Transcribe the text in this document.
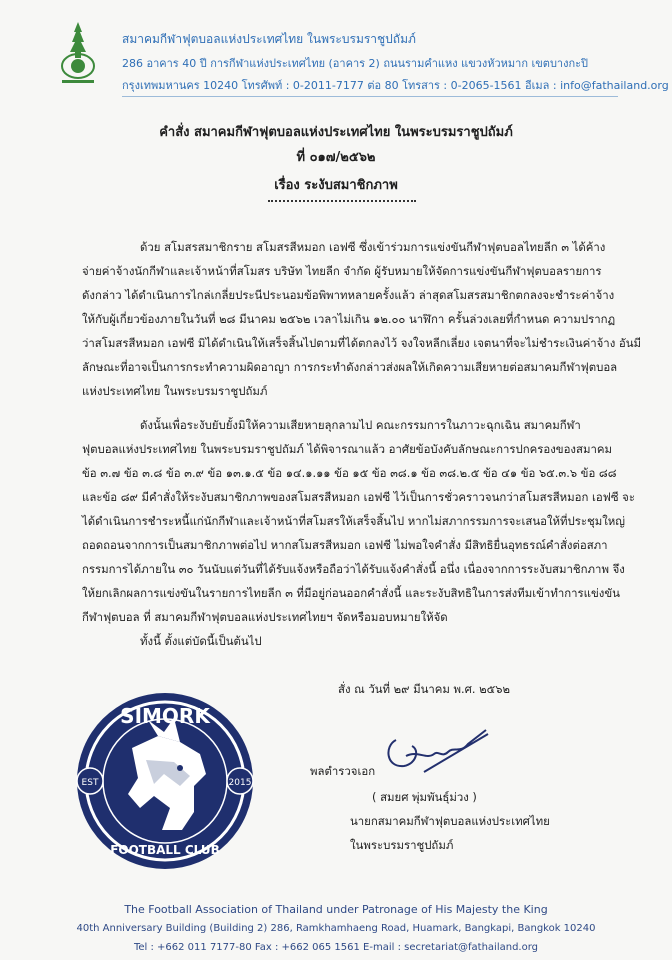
สมาคมกีฬาฟุตบอลแห่งประเทศไทย ในพระบรมราชูปถัมภ์
286 อาคาร 40 ปี การกีฬาแห่งประเทศไทย (อาคาร 2) ถนนรามคำแหง แขวงหัวหมาก เขตบางกะปิ
กรุงเทพมหานคร 10240 โทรศัพท์ : 0-2011-7177 ต่อ 80 โทรสาร : 0-2065-1561 อีเมล : info@fathailand.org
คำสั่ง สมาคมกีฬาฟุตบอลแห่งประเทศไทย ในพระบรมราชูปถัมภ์
ที่ ๐๑๗/๒๕๖๒
เรื่อง ระงับสมาชิกภาพ
ด้วย สโมสรสมาชิกราย สโมสรสีหมอก เอฟซี ซึ่งเข้าร่วมการแข่งขันกีฬาฟุตบอลไทยลีก ๓ ได้ค้าง
จ่ายค่าจ้างนักกีฬาและเจ้าหน้าที่สโมสร บริษัท ไทยลีก จำกัด ผู้รับหมายให้จัดการแข่งขันกีฬาฟุตบอลรายการ
ดังกล่าว ได้ดำเนินการไกล่เกลี่ยประนีประนอมข้อพิพาทหลายครั้งแล้ว ล่าสุดสโมสรสมาชิกตกลงจะชำระค่าจ้าง
ให้กับผู้เกี่ยวข้องภายในวันที่ ๒๘ มีนาคม ๒๕๖๒ เวลาไม่เกิน ๑๒.๐๐ นาฬิกา ครั้นล่วงเลยที่กำหนด ความปรากฏ
ว่าสโมสรสีหมอก เอฟซี มิได้ดำเนินให้เสร็จสิ้นไปตามที่ได้ตกลงไว้ จงใจหลีกเลี่ยง เจตนาที่จะไม่ชำระเงินค่าจ้าง อันมี
ลักษณะที่อาจเป็นการกระทำความผิดอาญา การกระทำดังกล่าวส่งผลให้เกิดความเสียหายต่อสมาคมกีฬาฟุตบอล
แห่งประเทศไทย ในพระบรมราชูปถัมภ์
ดังนั้นเพื่อระงับยับยั้งมิให้ความเสียหายลุกลามไป คณะกรรมการในภาวะฉุกเฉิน สมาคมกีฬา
ฟุตบอลแห่งประเทศไทย ในพระบรมราชูปถัมภ์ ได้พิจารณาแล้ว อาศัยข้อบังคับลักษณะการปกครองของสมาคม
ข้อ ๓.๗ ข้อ ๓.๘ ข้อ ๓.๙ ข้อ ๑๓.๑.๕ ข้อ ๑๔.๑.๑๑ ข้อ ๑๕ ข้อ ๓๘.๑ ข้อ ๓๘.๒.๕ ข้อ ๔๑ ข้อ ๖๕.๓.๖ ข้อ ๘๘
และข้อ ๘๙ มีคำสั่งให้ระงับสมาชิกภาพของสโมสรสีหมอก เอฟซี ไว้เป็นการชั่วคราวจนกว่าสโมสรสีหมอก เอฟซี จะ
ได้ดำเนินการชำระหนี้แก่นักกีฬาและเจ้าหน้าที่สโมสรให้เสร็จสิ้นไป หากไม่สภากรรมการจะเสนอให้ที่ประชุมใหญ่
ถอดถอนจากการเป็นสมาชิกภาพต่อไป หากสโมสรสีหมอก เอฟซี ไม่พอใจคำสั่ง มีสิทธิยื่นอุทธรณ์คำสั่งต่อสภา
กรรมการได้ภายใน ๓๐ วันนับแต่วันที่ได้รับแจ้งหรือถือว่าได้รับแจ้งคำสั่งนี้ อนึ่ง เนื่องจากการระงับสมาชิกภาพ จึง
ให้ยกเลิกผลการแข่งขันในรายการไทยลีก ๓ ที่มีอยู่ก่อนออกคำสั่งนี้ และระงับสิทธิในการส่งทีมเข้าทำการแข่งขัน
กีฬาฟุตบอล ที่ สมาคมกีฬาฟุตบอลแห่งประเทศไทยฯ จัดหรือมอบหมายให้จัด
ทั้งนี้ ตั้งแต่บัดนี้เป็นต้นไป
สั่ง ณ วันที่ ๒๙ มีนาคม พ.ศ. ๒๕๖๒
พลตำรวจเอก
( สมยศ พุ่มพันธุ์ม่วง )
นายกสมาคมกีฬาฟุตบอลแห่งประเทศไทย
ในพระบรมราชูปถัมภ์
SIMORK
FOOTBALL CLUB
EST	2015
The Football Association of Thailand under Patronage of His Majesty the King
40th Anniversary Building (Building 2) 286, Ramkhamhaeng Road, Huamark, Bangkapi, Bangkok 10240
Tel : +662 011 7177-80 Fax : +662 065 1561 E-mail : secretariat@fathailand.org
